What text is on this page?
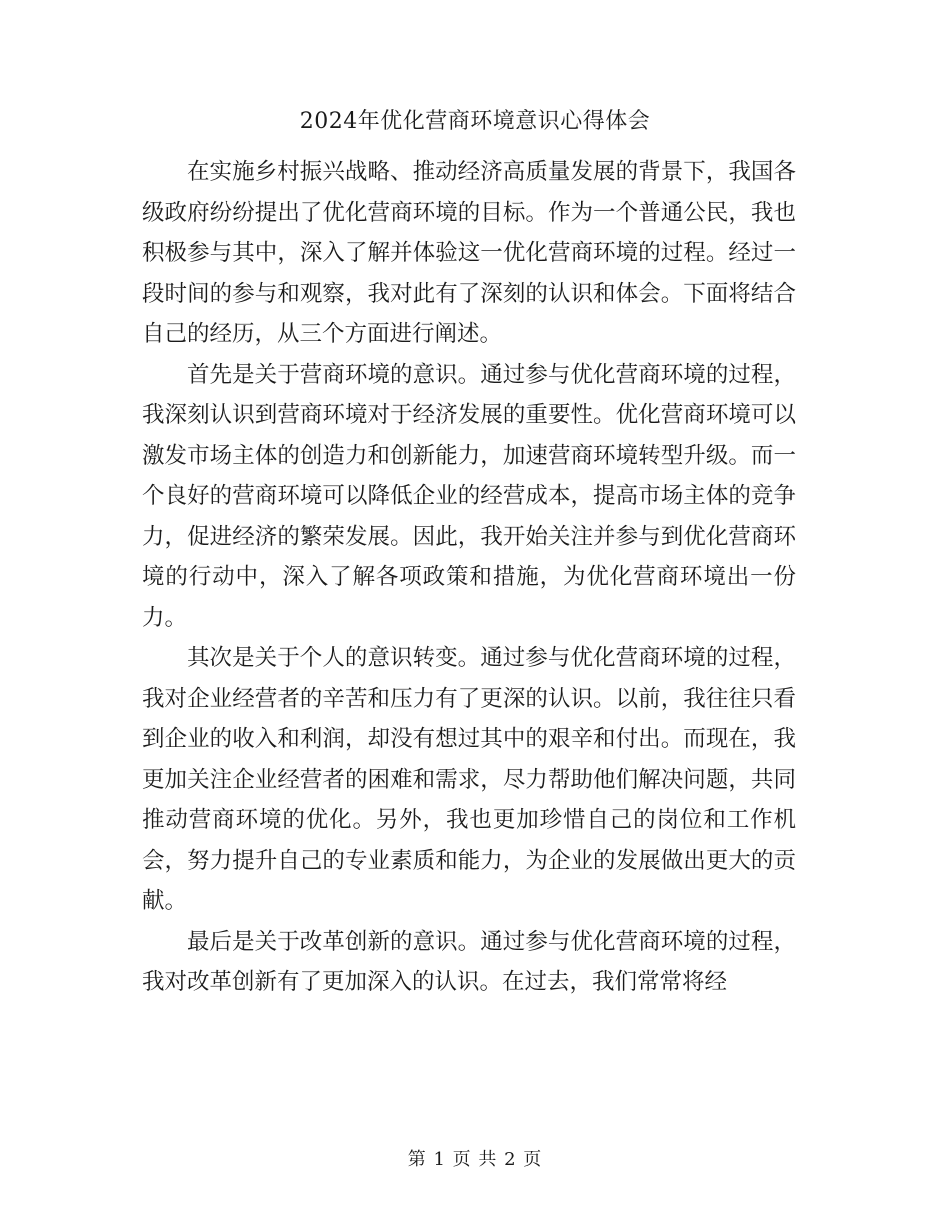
2024年优化营商环境意识心得体会

在实施乡村振兴战略、推动经济高质量发展的背景下，我国各级政府纷纷提出了优化营商环境的目标。作为一个普通公民，我也积极参与其中，深入了解并体验这一优化营商环境的过程。经过一段时间的参与和观察，我对此有了深刻的认识和体会。下面将结合自己的经历，从三个方面进行阐述。

首先是关于营商环境的意识。通过参与优化营商环境的过程，我深刻认识到营商环境对于经济发展的重要性。优化营商环境可以激发市场主体的创造力和创新能力，加速营商环境转型升级。而一个良好的营商环境可以降低企业的经营成本，提高市场主体的竞争力，促进经济的繁荣发展。因此，我开始关注并参与到优化营商环境的行动中，深入了解各项政策和措施，为优化营商环境出一份力。

其次是关于个人的意识转变。通过参与优化营商环境的过程，我对企业经营者的辛苦和压力有了更深的认识。以前，我往往只看到企业的收入和利润，却没有想过其中的艰辛和付出。而现在，我更加关注企业经营者的困难和需求，尽力帮助他们解决问题，共同推动营商环境的优化。另外，我也更加珍惜自己的岗位和工作机会，努力提升自己的专业素质和能力，为企业的发展做出更大的贡献。

最后是关于改革创新的意识。通过参与优化营商环境的过程，我对改革创新有了更加深入的认识。在过去，我们常常将经

第 1 页 共 2 页
